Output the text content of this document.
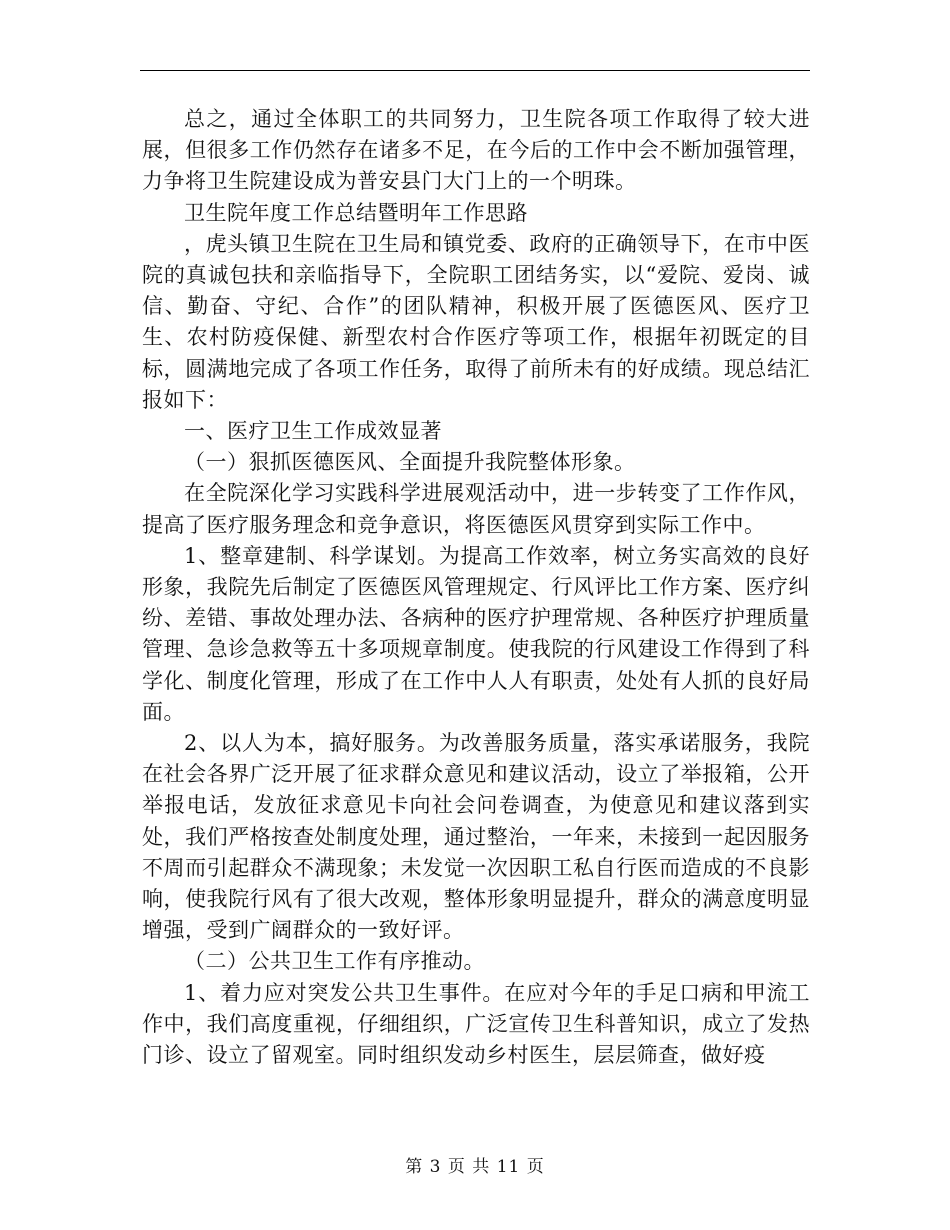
总之，通过全体职工的共同努力，卫生院各项工作取得了较大进展，但很多工作仍然存在诸多不足，在今后的工作中会不断加强管理，力争将卫生院建设成为普安县门大门上的一个明珠。

卫生院年度工作总结暨明年工作思路

，虎头镇卫生院在卫生局和镇党委、政府的正确领导下，在市中医院的真诚包扶和亲临指导下，全院职工团结务实，以“爱院、爱岗、诚信、勤奋、守纪、合作”的团队精神，积极开展了医德医风、医疗卫生、农村防疫保健、新型农村合作医疗等项工作，根据年初既定的目标，圆满地完成了各项工作任务，取得了前所未有的好成绩。现总结汇报如下：

一、医疗卫生工作成效显著

（一）狠抓医德医风、全面提升我院整体形象。

在全院深化学习实践科学进展观活动中，进一步转变了工作作风，提高了医疗服务理念和竞争意识，将医德医风贯穿到实际工作中。

1、整章建制、科学谋划。为提高工作效率，树立务实高效的良好形象，我院先后制定了医德医风管理规定、行风评比工作方案、医疗纠纷、差错、事故处理办法、各病种的医疗护理常规、各种医疗护理质量管理、急诊急救等五十多项规章制度。使我院的行风建设工作得到了科学化、制度化管理，形成了在工作中人人有职责，处处有人抓的良好局面。

2、以人为本，搞好服务。为改善服务质量，落实承诺服务，我院在社会各界广泛开展了征求群众意见和建议活动，设立了举报箱，公开举报电话，发放征求意见卡向社会问卷调查，为使意见和建议落到实处，我们严格按查处制度处理，通过整治，一年来，未接到一起因服务不周而引起群众不满现象；未发觉一次因职工私自行医而造成的不良影响，使我院行风有了很大改观，整体形象明显提升，群众的满意度明显增强，受到广阔群众的一致好评。

（二）公共卫生工作有序推动。

1、着力应对突发公共卫生事件。在应对今年的手足口病和甲流工作中，我们高度重视，仔细组织，广泛宣传卫生科普知识，成立了发热门诊、设立了留观室。同时组织发动乡村医生，层层筛查，做好疫

第 3 页 共 11 页
